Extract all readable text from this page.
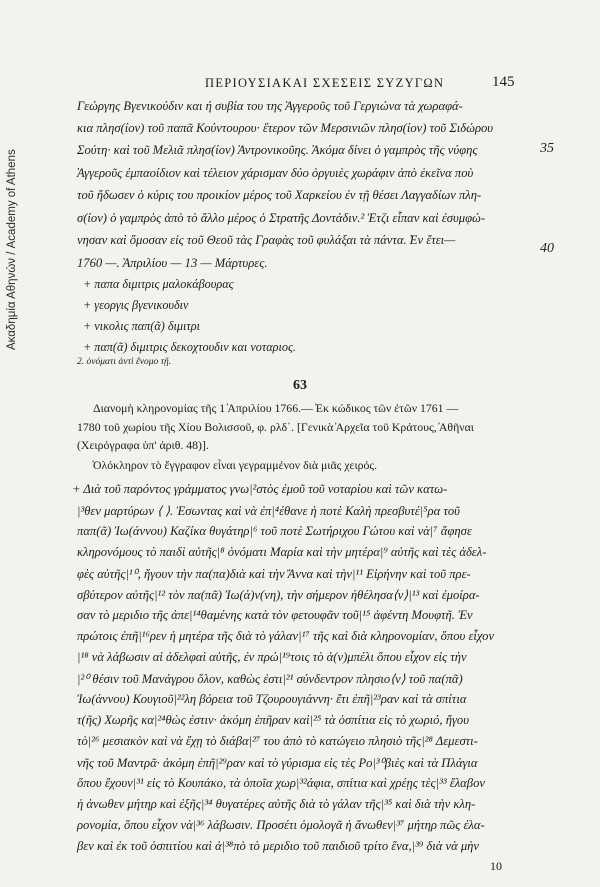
Ακαδημία Αθηνών / Academy of Athens
ΠΕΡΙΟΥΣΙΑΚΑΙ ΣΧΕΣΕΙΣ ΣΥΖΥΓΩΝ	145
Γεώργης Βγενικούδιν και ή συβία του της ̓Αγγεροῦς τοῦ Γεργιώνα τὰ χωραφά-
κια πλησ(ίον) τοῦ παπᾶ Κούντουρου· ἕτερον τῶν Μερσινιῶν πλησ(ίον) τοῦ Σιδώρου
Σούτη· καὶ τοῦ Μελιᾶ πλησ(ίον) ̓Αντρονικοῦης. ̓Ακόμα δίνει ὁ γαμπρὸς τῆς νύφης
̓Αγγεροῦς ἐμπαοίδιον καὶ τέλειον χάρισμαν δύο ὀργυιὲς χωράφιν ἀπὸ ἐκεῖνα ποὺ
τοῦ ἤδωσεν ὁ κύρις του προικίον μέρος τοῦ Χαρκείου ἐν τῇ θέσει Λαγγαδίων πλη-
σ(ίον) ὁ γαμπρὸς ἀπὸ τὸ ἄλλο μέρος ὁ Στρατῆς Δοντάδιν.² Ἐτζι εἶπαν καὶ ἐσυμφώ-
νησαν καὶ ὅμοσαν εἰς τοῦ Θεοῦ τὰς Γραφὰς τοῦ φυλάξαι τὰ πάντα. ̓Εν ἔτει—
1760 —. ̓Απριλίου — 13 — Μάρτυρες.
35
40
+ παπα διμιτρις μαλοκάβουρας
+ γεοργις βγενικουδιν
+ νικολις παπ(ᾶ) διμιτρι
+ παπ(ᾶ) διμιτρις δεκοχτουδιν και νοταριος.
2. ὀνόματι ἀντὶ ἔνομο τῇ.
63
Διανομὴ κληρονομίας τῆς 1 ̓Απριλίου 1766.— ̓Εκ κώδικος τῶν ἐτῶν 1761 —
1780 τοῦ χωρίου τῆς Χίου Βολισσοῦ, φ. ρλδ΄. [Γενικὰ ̓Αρχεῖα τοῦ Κράτους, ̓Αθῆναι
(Χειρόγραφα ὑπ' ἀριθ. 48)].
̓Ολόκληρον τὸ ἔγγραφον εἶναι γεγραμμένον διὰ μιᾶς χειρός.
+ Διὰ τοῦ παρόντος γράμματος γνω|²στὸς ἐμοῦ τοῦ νοταρίου καὶ τῶν κατω-
|³θεν μαρτύρων ⟨ ⟩. Ἐσωντας καὶ νὰ ἐπ|⁴έθανε ἡ ποτὲ Καλὴ πρεσβυτέ|⁵ρα τοῦ
παπ(ᾶ) Ἰω(άννου) Καζίκα θυγάτηρ|⁶ τοῦ ποτὲ Σωτήριχου Γώτου καὶ νὰ|⁷ ἄφησε
κληρονόμους τὸ παιδὶ αὐτῆς|⁸ ὀνόματι Μαρία καὶ τὴν μητέρα|⁹ αὐτῆς καὶ τὲς ἀδελ-
φὲς αὐτῆς|¹⁰, ἤγουν τὴν πα(πα)διὰ καὶ τὴν Ἄννα καὶ τὴν|¹¹ Εἰρήνην καὶ τοῦ πρε-
σβύτερον αὐτῆς|¹² τὸν πα(πᾶ) Ἰω(ά)ν(νη), τὴν σήμερον ἠθέλησα⟨ν⟩|¹³ καὶ ἐμοίρα-
σαν τὸ μεριδιο τῆς ἀπε|¹⁴θαμένης κατὰ τὸν φετουφᾶν τοῦ|¹⁵ ἀφέντη Μουφτῆ. Ἐν
πρώτοις ἐπῆ|¹⁶ρεν ἡ μητέρα τῆς διὰ τὸ γάλαν|¹⁷ τῆς καὶ διὰ κληρονομίαν, ὅπου εἶχον
|¹⁸ νὰ λάβωσιν αἱ ἀδελφαὶ αὐτῆς, ἐν πρώ|¹⁹τοις τὸ ἀ(ν)μπέλι ὅπου εἶχον εἰς τὴν
|²⁰ θέσιν τοῦ Μανάγρου ὅλον, καθὼς ἐστι|²¹ σύνδεντρον πλησιο⟨ν⟩ τοῦ πα(πᾶ)
Ἰω(άννου) Κουγιοῦ|²²λη βόρεια τοῦ Τζουρουγιάννη· ἔτι ἐπῆ|²³ραν καὶ τὰ σπίτια
τ(ῆς) Χωρῆς κα|²⁴θὼς ἐστιν· ἀκόμη ἐπῆραν καὶ|²⁵ τὰ ὁσπίτια εἰς τὸ χωριό, ἤγου
τὸ|²⁶ μεσιακὸν καὶ νὰ ἔχῃ τὸ διάβα|²⁷ του ἀπὸ τὸ κατώγειο πλησιὸ τῆς|²⁸ Δεμεστι-
νῆς τοῦ Μαντρᾶ· ἀκόμη ἐπῆ|²⁹ραν καὶ τὸ γύρισμα εἰς τὲς Ρο|³⁰βιὲς καὶ τὰ Πλάγια
ὅπου ἔχουν|³¹ εἰς τὸ Κουπάκο, τὰ ὁποῖα χωρ|³²άφια, σπίτια καὶ χρέῃς τὲς|³³ ἔλαβον
ἡ ἀνωθεν μήτηρ καὶ ἐξῆς|³⁴ θυγατέρες αὐτῆς διὰ τὸ γάλαν τῆς|³⁵ καὶ διὰ τὴν κλη-
ρονομία, ὅπου εἶχον νὰ|³⁶ λάβωσιν. Προσέτι ὁμολογᾶ ἡ ἄνωθεν|³⁷ μήτηρ πῶς ἐλα-
βεν καὶ ἐκ τοῦ ὁσπιτίου καὶ ἀ|³⁸πὸ τὸ μεριδιο τοῦ παιδιοῦ τρίτο ἕνα,|³⁹ διὰ νὰ μὴν
10
